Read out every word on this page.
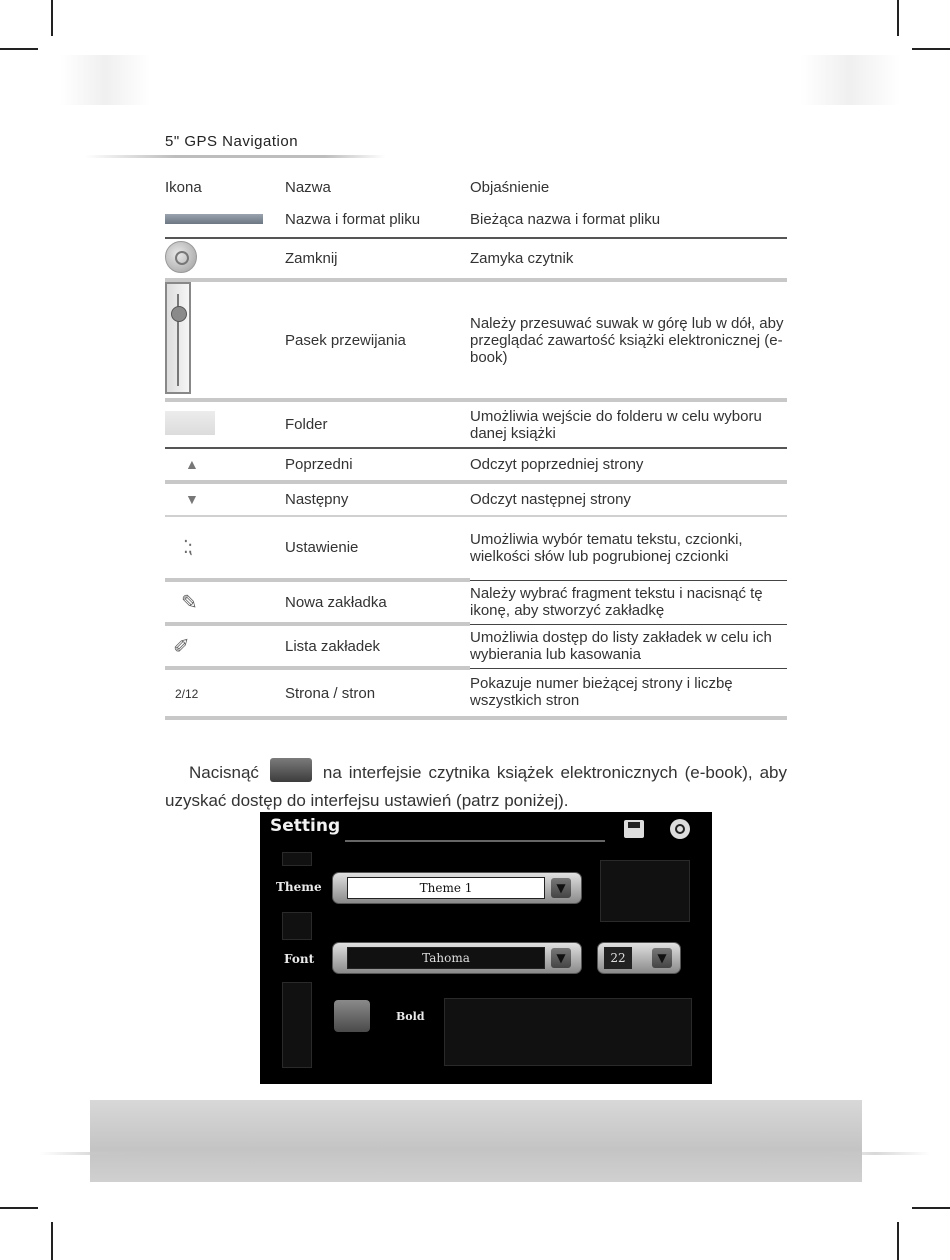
5" GPS Navigation
Ikona	Nazwa	Objaśnienie
	Nazwa i format pliku	Bieżąca nazwa i format pliku
	Zamknij	Zamyka czytnik

	Pasek przewijania	Należy przesuwać suwak w górę lub w dół, aby przeglądać zawartość książki elektronicznej (e-book)
	Folder	Umożliwia wejście do folderu w celu wyboru danej książki
▲	Poprzedni	Odczyt poprzedniej strony
▼	Następny	Odczyt następnej strony
⁚⁏	Ustawienie	Umożliwia wybór tematu tekstu, czcionki, wielkości słów lub pogrubionej czcionki
✎	Nowa zakładka	Należy wybrać fragment tekstu i nacisnąć tę ikonę, aby stworzyć zakładkę
✐	Lista zakładek	Umożliwia dostęp do listy zakładek w celu ich wybierania lub kasowania
2/12	Strona / stron	Pokazuje numer bieżącej strony i liczbę wszystkich stron
Nacisnąć	na interfejsie czytnika książek elektronicznych (e-book), aby uzyskać dostęp do interfejsu ustawień (patrz poniżej).
Setting
Theme	Theme 1	▼
Font	Tahoma	▼	22	▼
Bold
